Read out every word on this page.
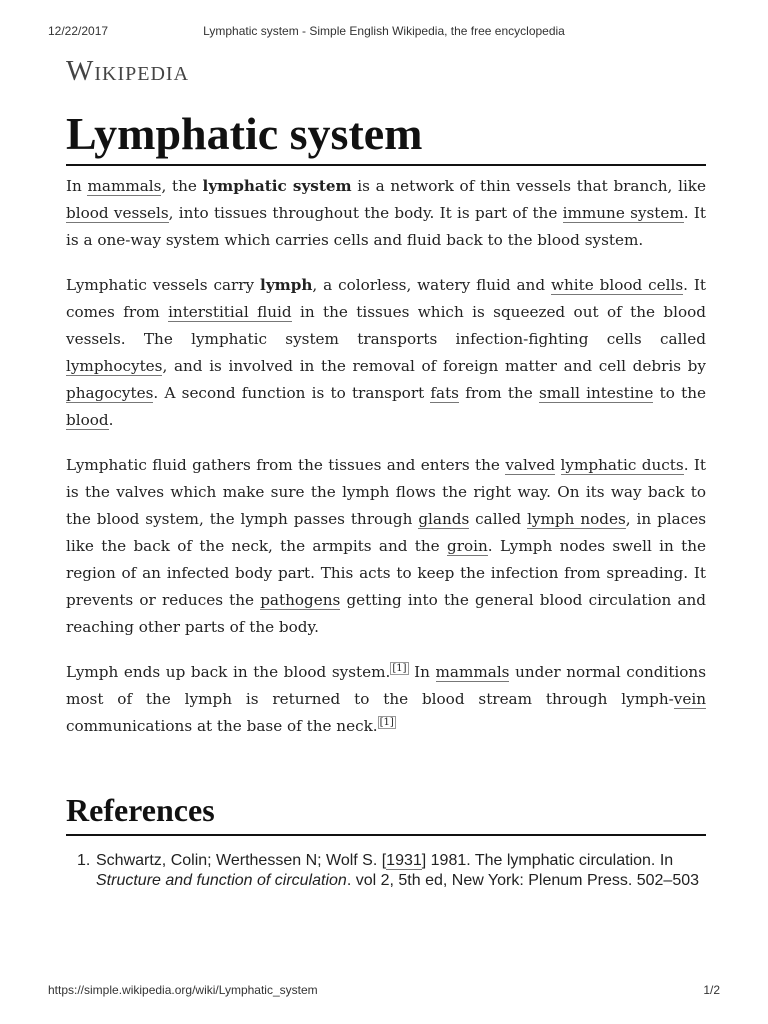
12/22/2017	Lymphatic system - Simple English Wikipedia, the free encyclopedia
Wikipedia
Lymphatic system

In mammals, the lymphatic system is a network of thin vessels that branch, like blood vessels, into tissues throughout the body. It is part of the immune system. It is a one-way system which carries cells and fluid back to the blood system.

Lymphatic vessels carry lymph, a colorless, watery fluid and white blood cells. It comes from interstitial fluid in the tissues which is squeezed out of the blood vessels. The lymphatic system transports infection-fighting cells called lymphocytes, and is involved in the removal of foreign matter and cell debris by phagocytes. A second function is to transport fats from the small intestine to the blood.

Lymphatic fluid gathers from the tissues and enters the valved lymphatic ducts. It is the valves which make sure the lymph flows the right way. On its way back to the blood system, the lymph passes through glands called lymph nodes, in places like the back of the neck, the armpits and the groin. Lymph nodes swell in the region of an infected body part. This acts to keep the infection from spreading. It prevents or reduces the pathogens getting into the general blood circulation and reaching other parts of the body.

Lymph ends up back in the blood system. [1] In mammals under normal conditions most of the lymph is returned to the blood stream through lymph-vein communications at the base of the neck. [1]

References
1. Schwartz, Colin; Werthessen N; Wolf S. [1931] 1981. The lymphatic circulation. In Structure and function of circulation. vol 2, 5th ed, New York: Plenum Press. 502–503
https://simple.wikipedia.org/wiki/Lymphatic_system	1/2
